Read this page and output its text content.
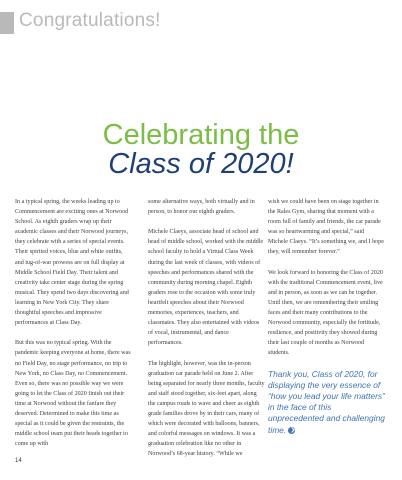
Congratulations!
Celebrating the
Class of 2020!

In a typical spring, the weeks leading up to Commencement are exciting ones at Norwood School. As eighth graders wrap up their academic classes and their Norwood journeys, they celebrate with a series of special events. Their spirited voices, blue and white outfits, and tug-of-war prowess are on full display at Middle School Field Day. Their talent and creativity take center stage during the spring musical. They spend two days discovering and learning in New York City. They share thoughtful speeches and impressive performances at Class Day.

But this was no typical spring. With the pandemic keeping everyone at home, there was no Field Day, no stage performance, no trip to New York, no Class Day, no Commencement. Even so, there was no possible way we were going to let the Class of 2020 finish out their time at Norwood without the fanfare they deserved. Determined to make this time as special as it could be given the restraints, the middle school team put their heads together to come up with

some alternative ways, both virtually and in person, to honor our eighth graders.

Michele Claeys, associate head of school and head of middle school, worked with the middle school faculty to hold a Virtual Class Week during the last week of classes, with videos of speeches and performances shared with the community during morning chapel. Eighth graders rose to the occasion with some truly heartfelt speeches about their Norwood memories, experiences, teachers, and classmates. They also entertained with videos of vocal, instrumental, and dance performances.

The highlight, however, was the in-person graduation car parade held on June 2. After being separated for nearly three months, faculty and staff stood together, six-feet apart, along the campus roads to wave and cheer as eighth grade families drove by in their cars, many of which were decorated with balloons, banners, and colorful messages on windows. It was a graduation celebration like no other in Norwood’s 68-year history. “While we

wish we could have been on stage together in the Rales Gym, sharing that moment with a room full of family and friends, the car parade was so heartwarming and special,” said Michele Claeys. “It’s something we, and I hope they, will remember forever.”

We look forward to honoring the Class of 2020 with the traditional Commencement event, live and in person, as soon as we can be together. Until then, we are remembering their smiling faces and their many contributions to the Norwood community, especially the fortitude, resilience, and positivity they showed during their last couple of months as Norwood students.

Thank you, Class of 2020, for displaying the very essence of “how you lead your life matters” in the face of this unprecedented and challenging time.
14
